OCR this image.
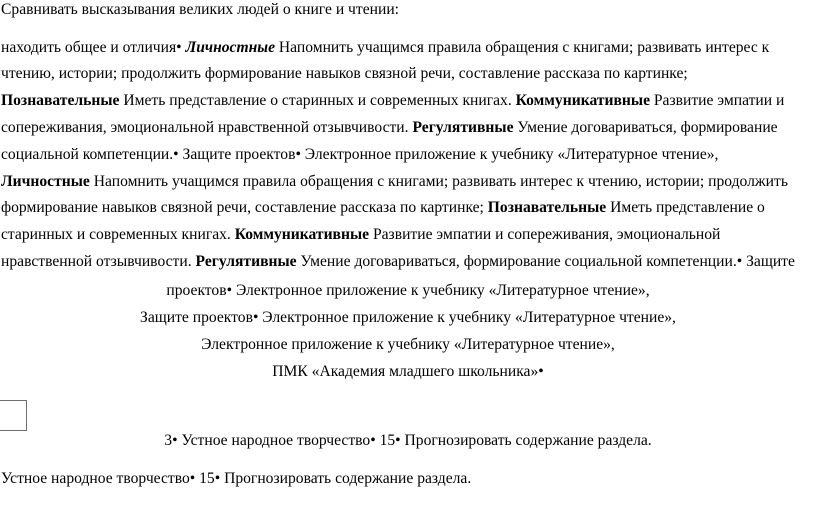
Сравнивать высказывания великих людей о книге и чтении:
находить общее и отличия• Личностные Напомнить учащимся правила обращения с книгами; развивать интерес к
чтению, истории; продолжить формирование навыков связной речи, составление рассказа по картинке;
Познавательные Иметь представление о старинных и современных книгах. Коммуникативные Развитие эмпатии и
сопереживания, эмоциональной нравственной отзывчивости. Регулятивные Умение договариваться, формирование
социальной компетенции.• Защите проектов• Электронное приложение к учебнику «Литературное чтение»,
Личностные Напомнить учащимся правила обращения с книгами; развивать интерес к чтению, истории; продолжить
формирование навыков связной речи, составление рассказа по картинке; Познавательные Иметь представление о
старинных и современных книгах. Коммуникативные Развитие эмпатии и сопереживания, эмоциональной
нравственной отзывчивости. Регулятивные Умение договариваться, формирование социальной компетенции.• Защите
проектов• Электронное приложение к учебнику «Литературное чтение»,
Защите проектов• Электронное приложение к учебнику «Литературное чтение»,
Электронное приложение к учебнику «Литературное чтение»,
ПМК «Академия младшего школьника»•
3• Устное народное творчество• 15• Прогнозировать содержание раздела.
Устное народное творчество• 15• Прогнозировать содержание раздела.
